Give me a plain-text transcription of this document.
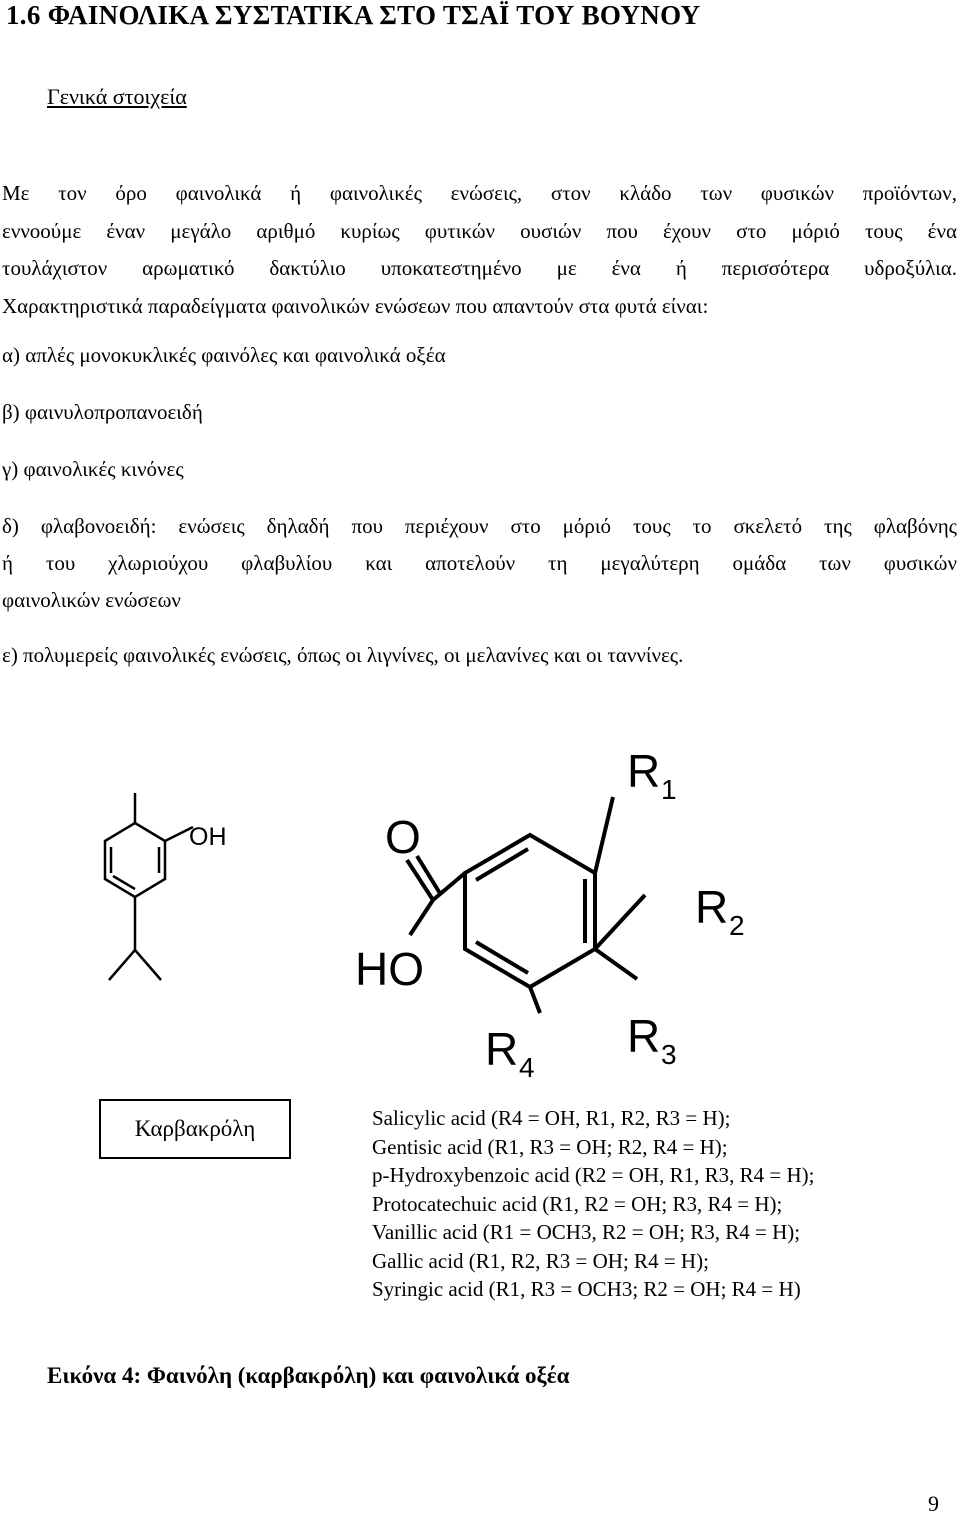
1.6 ΦΑΙΝΟΛΙΚΑ ΣΥΣΤΑΤΙΚΑ ΣΤΟ ΤΣΑΪ ΤΟΥ ΒΟΥΝΟΥ
Γενικά στοιχεία
Με τον όρο φαινολικά ή φαινολικές ενώσεις, στον κλάδο των φυσικών προϊόντων,
εννοούμε έναν μεγάλο αριθμό κυρίως φυτικών ουσιών που έχουν στο μόριό τους ένα
τουλάχιστον αρωματικό δακτύλιο υποκατεστημένο με ένα ή περισσότερα υδροξύλια.
Χαρακτηριστικά παραδείγματα φαινολικών ενώσεων που απαντούν στα φυτά είναι:
α) απλές μονοκυκλικές φαινόλες και φαινολικά οξέα
β) φαινυλοπροπανοειδή
γ) φαινολικές κινόνες
δ) φλαβονοειδή: ενώσεις δηλαδή που περιέχουν στο μόριό τους το σκελετό της φλαβόνης
ή του χλωριούχου φλαβυλίου και αποτελούν τη μεγαλύτερη ομάδα των φυσικών
φαινολικών ενώσεων
ε) πολυμερείς φαινολικές ενώσεις, όπως οι λιγνίνες, οι μελανίνες και οι ταννίνες.
OH	O
HO
R 1
R 2
R 3
R 4
Καρβακρόλη	Salicylic acid (R4 = OH, R1, R2, R3 = H);
Gentisic acid (R1, R3 = OH; R2, R4 = H);
p-Hydroxybenzoic acid (R2 = OH, R1, R3, R4 = H);
Protocatechuic acid (R1, R2 = OH; R3, R4 = H);
Vanillic acid (R1 = OCH3, R2 = OH; R3, R4 = H);
Gallic acid (R1, R2, R3 = OH; R4 = H);
Syringic acid (R1, R3 = OCH3; R2 = OH; R4 = H)
Εικόνα 4: Φαινόλη (καρβακρόλη) και φαινολικά οξέα
9
